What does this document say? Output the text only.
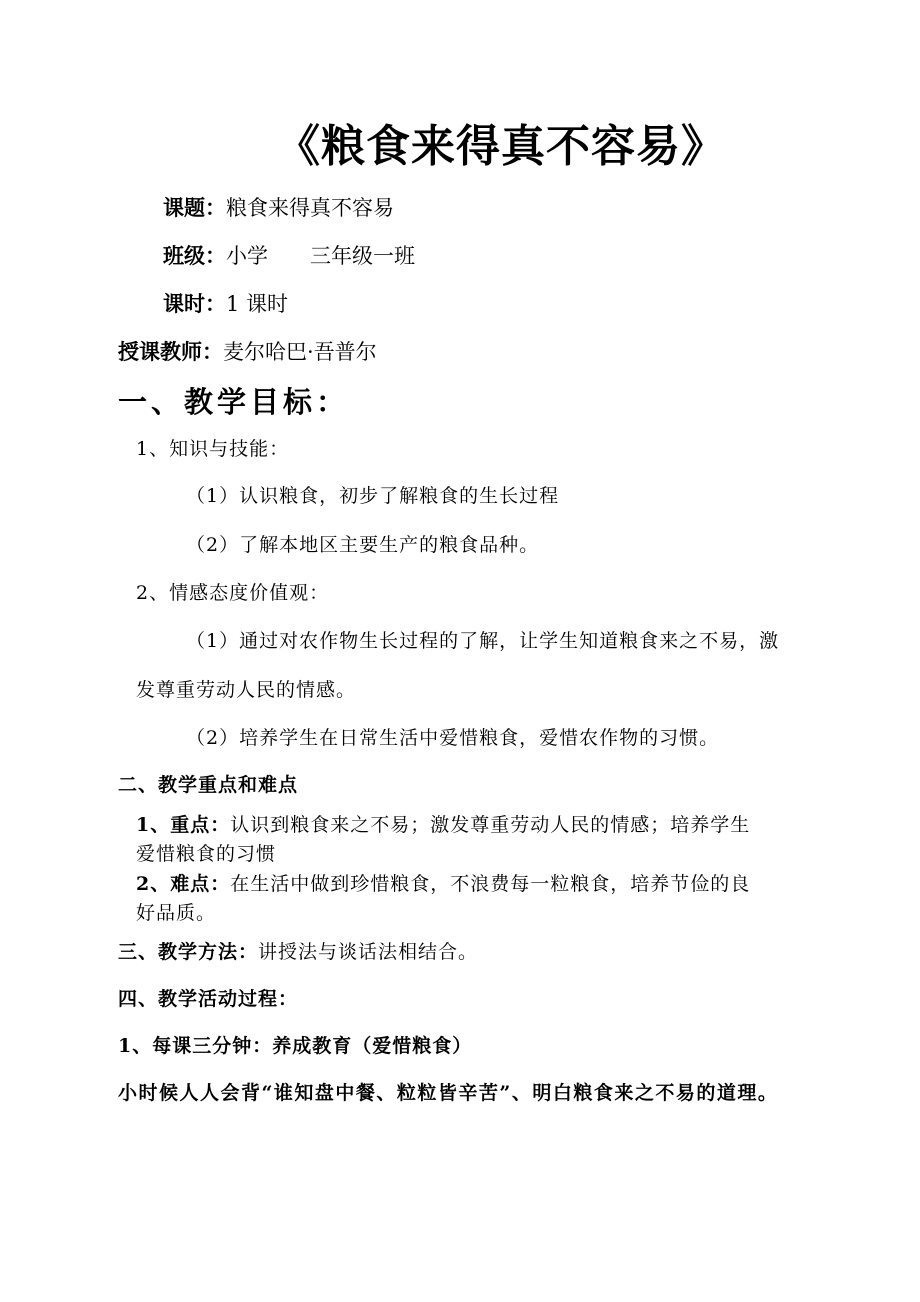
《粮食来得真不容易》
课题：粮食来得真不容易
班级：小学　　三年级一班
课时：1 课时
授课教师：麦尔哈巴·吾普尔
一、教学目标：
1、知识与技能：
（1）认识粮食，初步了解粮食的生长过程
（2）了解本地区主要生产的粮食品种。
2、情感态度价值观：
（1）通过对农作物生长过程的了解，让学生知道粮食来之不易，激
发尊重劳动人民的情感。
（2）培养学生在日常生活中爱惜粮食，爱惜农作物的习惯。
二、教学重点和难点
1、重点：认识到粮食来之不易；激发尊重劳动人民的情感；培养学生
爱惜粮食的习惯
2、难点：在生活中做到珍惜粮食，不浪费每一粒粮食，培养节俭的良
好品质。
三、教学方法：讲授法与谈话法相结合。
四、教学活动过程：
1、每课三分钟：养成教育（爱惜粮食）
小时候人人会背“谁知盘中餐、粒粒皆辛苦”、明白粮食来之不易的道理。
